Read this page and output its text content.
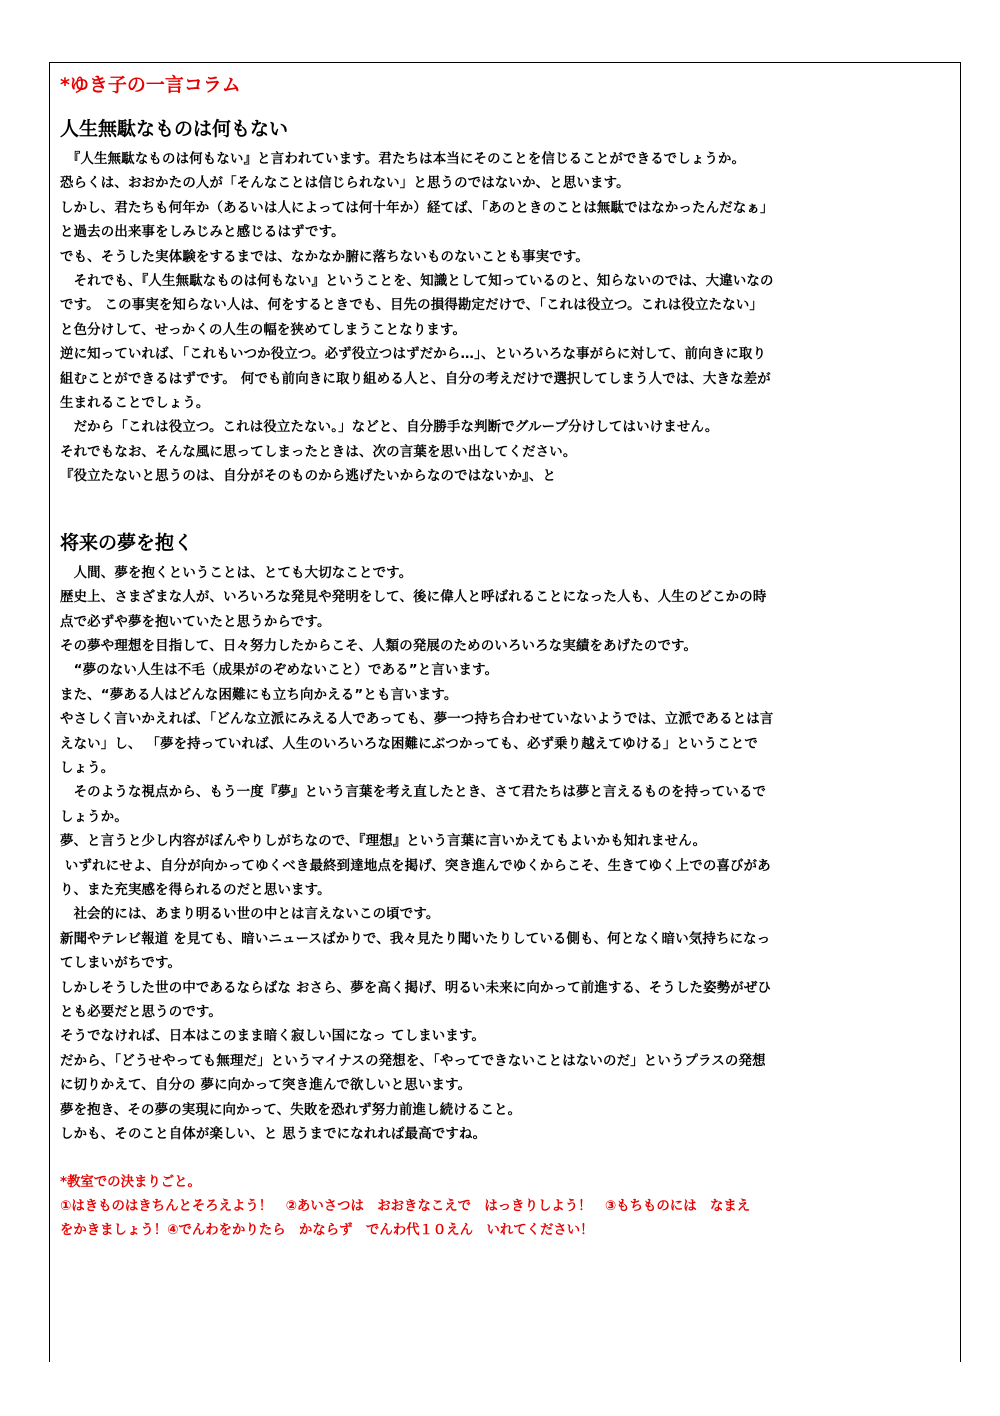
*ゆき子の一言コラム
人生無駄なものは何もない

　『人生無駄なものは何もない』と言われています。君たちは本当にそのことを信じることができるでしょうか。

恐らくは、おおかたの人が「そんなことは信じられない」と思うのではないか、と思います。

しかし、君たちも何年か（あるいは人によっては何十年か）経てば、「あのときのことは無駄ではなかったんだなぁ」

と過去の出来事をしみじみと感じるはずです。

でも、そうした実体験をするまでは、なかなか腑に落ちないものないことも事実です。

　それでも、『人生無駄なものは何もない』ということを、知識として知っているのと、知らないのでは、大違いなの

です。 この事実を知らない人は、何をするときでも、目先の損得勘定だけで、「これは役立つ。これは役立たない」

と色分けして、せっかくの人生の幅を狭めてしまうことなります。

逆に知っていれば、「これもいつか役立つ。必ず役立つはずだから…」、といろいろな事がらに対して、前向きに取り

組むことができるはずです。 何でも前向きに取り組める人と、自分の考えだけで選択してしまう人では、大きな差が

生まれることでしょう。

　だから「これは役立つ。これは役立たない。」などと、自分勝手な判断でグループ分けしてはいけません。

それでもなお、そんな風に思ってしまったときは、次の言葉を思い出してください。

『役立たないと思うのは、自分がそのものから逃げたいからなのではないか』、と

将来の夢を抱く

　人間、夢を抱くということは、とても大切なことです。

歴史上、さまざまな人が、いろいろな発見や発明をして、後に偉人と呼ばれることになった人も、人生のどこかの時

点で必ずや夢を抱いていたと思うからです。

その夢や理想を目指して、日々努力したからこそ、人類の発展のためのいろいろな実績をあげたのです。

　“夢のない人生は不毛（成果がのぞめないこと）である”と言います。

また、“夢ある人はどんな困難にも立ち向かえる”とも言います。

やさしく言いかえれば、「どんな立派にみえる人であっても、夢一つ持ち合わせていないようでは、立派であるとは言

えない」し、 「夢を持っていれば、人生のいろいろな困難にぶつかっても、必ず乗り越えてゆける」ということで

しょう。

　そのような視点から、もう一度『夢』という言葉を考え直したとき、さて君たちは夢と言えるものを持っているで

しょうか。

夢、と言うと少し内容がぼんやりしがちなので、『理想』という言葉に言いかえてもよいかも知れません。

いずれにせよ、自分が向かってゆくべき最終到達地点を掲げ、突き進んでゆくからこそ、生きてゆく上での喜びがあ

り、また充実感を得られるのだと思います。

　社会的には、あまり明るい世の中とは言えないこの頃です。

新聞やテレビ報道 を見ても、暗いニュースばかりで、我々見たり聞いたりしている側も、何となく暗い気持ちになっ

てしまいがちです。

しかしそうした世の中であるならばな おさら、夢を高く掲げ、明るい未来に向かって前進する、そうした姿勢がぜひ

とも必要だと思うのです。

そうでなければ、日本はこのまま暗く寂しい国になっ てしまいます。

だから、「どうせやっても無理だ」というマイナスの発想を、「やってできないことはないのだ」というプラスの発想

に切りかえて、自分の 夢に向かって突き進んで欲しいと思います。

夢を抱き、その夢の実現に向かって、失敗を恐れず努力前進し続けること。

しかも、そのこと自体が楽しい、と 思うまでになれれば最高ですね。

*教室での決まりごと。

①はきものはきちんとそろえよう！　②あいさつは　おおきなこえで　はっきりしよう！　③もちものには　なまえ

をかきましょう！④でんわをかりたら　かならず　でんわ代１０えん　いれてください！
